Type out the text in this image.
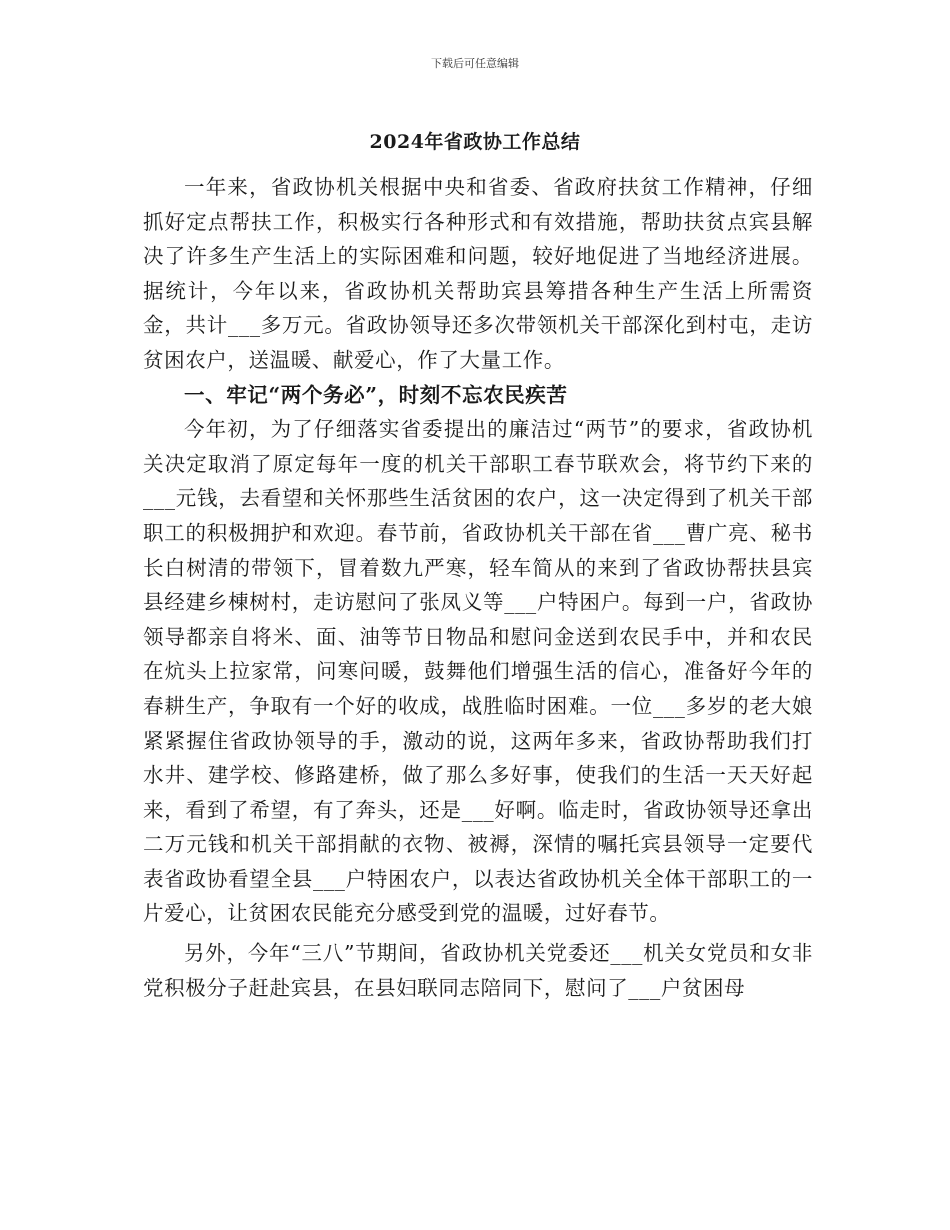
下载后可任意编辑
2024年省政协工作总结

一年来，省政协机关根据中央和省委、省政府扶贫工作精神，仔细抓好定点帮扶工作，积极实行各种形式和有效措施，帮助扶贫点宾县解决了许多生产生活上的实际困难和问题，较好地促进了当地经济进展。据统计，今年以来，省政协机关帮助宾县筹措各种生产生活上所需资金，共计___多万元。省政协领导还多次带领机关干部深化到村屯，走访贫困农户，送温暖、献爱心，作了大量工作。

一、牢记“两个务必”，时刻不忘农民疾苦

今年初，为了仔细落实省委提出的廉洁过“两节”的要求，省政协机关决定取消了原定每年一度的机关干部职工春节联欢会，将节约下来的___元钱，去看望和关怀那些生活贫困的农户，这一决定得到了机关干部职工的积极拥护和欢迎。春节前，省政协机关干部在省___曹广亮、秘书长白树清的带领下，冒着数九严寒，轻车简从的来到了省政协帮扶县宾县经建乡棟树村，走访慰问了张凤义等___户特困户。每到一户，省政协领导都亲自将米、面、油等节日物品和慰问金送到农民手中，并和农民在炕头上拉家常，问寒问暖，鼓舞他们增强生活的信心，准备好今年的春耕生产，争取有一个好的收成，战胜临时困难。一位___多岁的老大娘紧紧握住省政协领导的手，激动的说，这两年多来，省政协帮助我们打水井、建学校、修路建桥，做了那么多好事，使我们的生活一天天好起来，看到了希望，有了奔头，还是___好啊。临走时，省政协领导还拿出二万元钱和机关干部捐献的衣物、被褥，深情的嘱托宾县领导一定要代表省政协看望全县___户特困农户，以表达省政协机关全体干部职工的一片爱心，让贫困农民能充分感受到党的温暖，过好春节。

另外，今年“三八”节期间，省政协机关党委还___机关女党员和女非党积极分子赶赴宾县，在县妇联同志陪同下，慰问了___户贫困母
